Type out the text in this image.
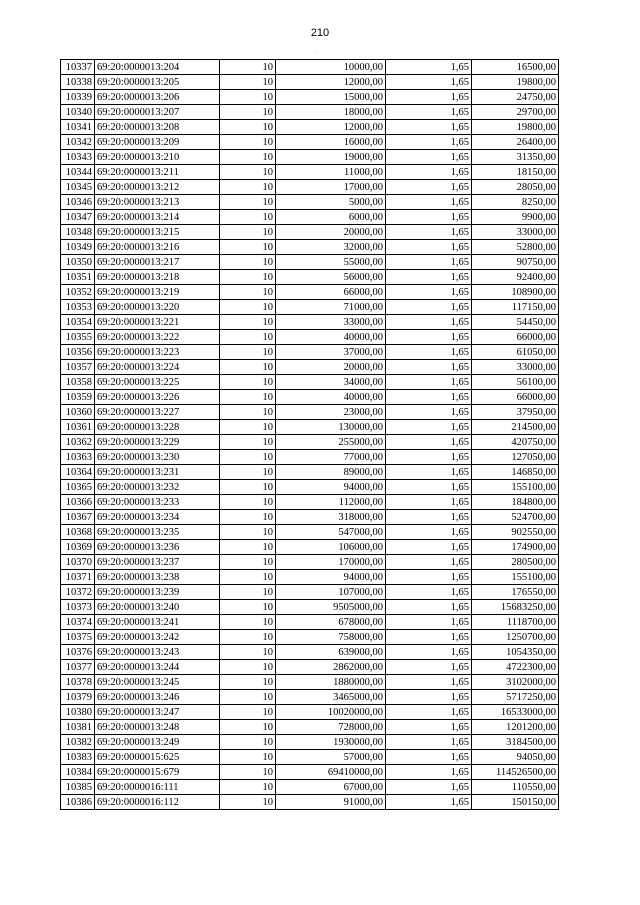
210
·
10337	69:20:0000013:204	10	10000,00	1,65	16500,00
10338	69:20:0000013:205	10	12000,00	1,65	19800,00
10339	69:20:0000013:206	10	15000,00	1,65	24750,00
10340	69:20:0000013:207	10	18000,00	1,65	29700,00
10341	69:20:0000013:208	10	12000,00	1,65	19800,00
10342	69:20:0000013:209	10	16000,00	1,65	26400,00
10343	69:20:0000013:210	10	19000,00	1,65	31350,00
10344	69:20:0000013:211	10	11000,00	1,65	18150,00
10345	69:20:0000013:212	10	17000,00	1,65	28050,00
10346	69:20:0000013:213	10	5000,00	1,65	8250,00
10347	69:20:0000013:214	10	6000,00	1,65	9900,00
10348	69:20:0000013:215	10	20000,00	1,65	33000,00
10349	69:20:0000013:216	10	32000,00	1,65	52800,00
10350	69:20:0000013:217	10	55000,00	1,65	90750,00
10351	69:20:0000013:218	10	56000,00	1,65	92400,00
10352	69:20:0000013:219	10	66000,00	1,65	108900,00
10353	69:20:0000013:220	10	71000,00	1,65	117150,00
10354	69:20:0000013:221	10	33000,00	1,65	54450,00
10355	69:20:0000013:222	10	40000,00	1,65	66000,00
10356	69:20:0000013:223	10	37000,00	1,65	61050,00
10357	69:20:0000013:224	10	20000,00	1,65	33000,00
10358	69:20:0000013:225	10	34000,00	1,65	56100,00
10359	69:20:0000013:226	10	40000,00	1,65	66000,00
10360	69:20:0000013:227	10	23000,00	1,65	37950,00
10361	69:20:0000013:228	10	130000,00	1,65	214500,00
10362	69:20:0000013:229	10	255000,00	1,65	420750,00
10363	69:20:0000013:230	10	77000,00	1,65	127050,00
10364	69:20:0000013:231	10	89000,00	1,65	146850,00
10365	69:20:0000013:232	10	94000,00	1,65	155100,00
10366	69:20:0000013:233	10	112000,00	1,65	184800,00
10367	69:20:0000013:234	10	318000,00	1,65	524700,00
10368	69:20:0000013:235	10	547000,00	1,65	902550,00
10369	69:20:0000013:236	10	106000,00	1,65	174900,00
10370	69:20:0000013:237	10	170000,00	1,65	280500,00
10371	69:20:0000013:238	10	94000,00	1,65	155100,00
10372	69:20:0000013:239	10	107000,00	1,65	176550,00
10373	69:20:0000013:240	10	9505000,00	1,65	15683250,00
10374	69:20:0000013:241	10	678000,00	1,65	1118700,00
10375	69:20:0000013:242	10	758000,00	1,65	1250700,00
10376	69:20:0000013:243	10	639000,00	1,65	1054350,00
10377	69:20:0000013:244	10	2862000,00	1,65	4722300,00
10378	69:20:0000013:245	10	1880000,00	1,65	3102000,00
10379	69:20:0000013:246	10	3465000,00	1,65	5717250,00
10380	69:20:0000013:247	10	10020000,00	1,65	16533000,00
10381	69:20:0000013:248	10	728000,00	1,65	1201200,00
10382	69:20:0000013:249	10	1930000,00	1,65	3184500,00
10383	69:20:0000015:625	10	57000,00	1,65	94050,00
10384	69:20:0000015:679	10	69410000,00	1,65	114526500,00
10385	69:20:0000016:111	10	67000,00	1,65	110550,00
10386	69:20:0000016:112	10	91000,00	1,65	150150,00
